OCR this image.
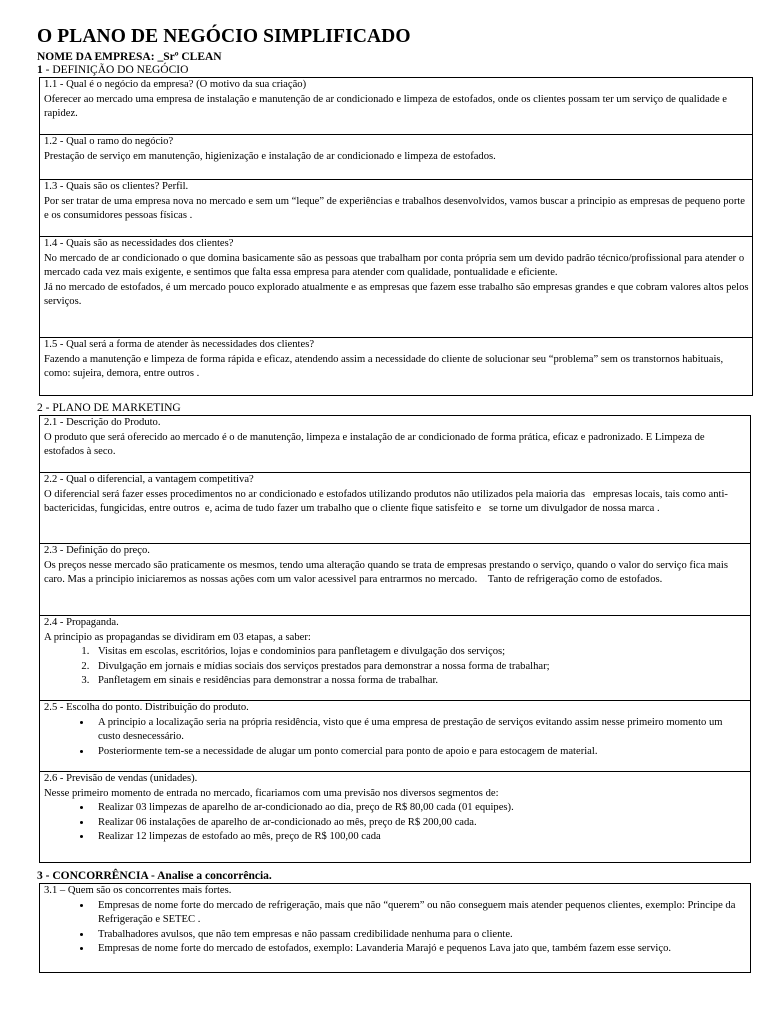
O PLANO DE NEGÓCIO SIMPLIFICADO
NOME DA EMPRESA: _Srº CLEAN
1 - DEFINIÇÃO DO NEGÓCIO

1.1 - Qual é o negócio da empresa? (O motivo da sua criação)

Oferecer ao mercado uma empresa de instalação e manutenção de ar condicionado e limpeza de estofados, onde os clientes possam ter um serviço de qualidade e rapidez.

1.2 - Qual o ramo do negócio?

Prestação de serviço em manutenção, higienização e instalação de ar condicionado e limpeza de estofados.

1.3 - Quais são os clientes? Perfil.

Por ser tratar de uma empresa nova no mercado e sem um “leque” de experiências e trabalhos desenvolvidos, vamos buscar a principio as empresas de pequeno porte e os consumidores pessoas físicas .

1.4 - Quais são as necessidades dos clientes?

No mercado de ar condicionado o que domina basicamente são as pessoas que trabalham por conta própria sem um devido padrão técnico/profissional para atender o mercado cada vez mais exigente, e sentimos que falta essa empresa para atender com qualidade, pontualidade e eficiente.

Já no mercado de estofados, é um mercado pouco explorado atualmente e as empresas que fazem esse trabalho são empresas grandes e que cobram valores altos pelos serviços.

1.5 - Qual será a forma de atender às necessidades dos clientes?

Fazendo a manutenção e limpeza de forma rápida e eficaz, atendendo assim a necessidade do cliente de solucionar seu “problema” sem os transtornos habituais, como: sujeira, demora, entre outros .

2 - PLANO DE MARKETING

2.1 - Descrição do Produto.

O produto que será oferecido ao mercado é o de manutenção, limpeza e instalação de ar condicionado de forma prática, eficaz e padronizado. E Limpeza de estofados à seco.

2.2 - Qual o diferencial, a vantagem competitiva?

O diferencial será fazer esses procedimentos no ar condicionado e estofados utilizando produtos não utilizados pela maioria das   empresas locais, tais como anti-bactericidas, fungicidas, entre outros  e, acima de tudo fazer um trabalho que o cliente fique satisfeito e   se torne um divulgador de nossa marca .

2.3 - Definição do preço.

Os preços nesse mercado são praticamente os mesmos, tendo uma alteração quando se trata de empresas prestando o serviço, quando o valor do serviço fica mais caro. Mas a principio iniciaremos as nossas ações com um valor acessivel para entrarmos no mercado.    Tanto de refrigeração como de estofados.

2.4 - Propaganda.

A principio as propagandas se dividiram em 03 etapas, a saber:

1. Visitas em escolas, escritórios, lojas e condominios para panfletagem e divulgação dos serviços;
2. Divulgação em jornais e mídias sociais dos serviços prestados para demonstrar a nossa forma de trabalhar;
3. Panfletagem em sinais e residências para demonstrar a nossa forma de trabalhar.

2.5 - Escolha do ponto. Distribuição do produto.

• A principio a localização seria na própria residência, visto que é uma empresa de prestação de serviços evitando assim nesse primeiro momento um custo desnecessário.
• Posteriormente tem-se a necessidade de alugar um ponto comercial para ponto de apoio e para estocagem de material.

2.6 - Previsão de vendas (unidades).

Nesse primeiro momento de entrada no mercado, ficariamos com uma previsão nos diversos segmentos de:

• Realizar 03 limpezas de aparelho de ar-condicionado ao dia, preço de R$ 80,00 cada (01 equipes).
• Realizar 06 instalações de aparelho de ar-condicionado ao mês, preço de R$ 200,00 cada.
• Realizar 12 limpezas de estofado ao mês, preço de R$ 100,00 cada
3 - CONCORRÊNCIA - Analise a concorrência.

3.1 – Quem são os concorrentes mais fortes.

• Empresas de nome forte do mercado de refrigeração, mais que não “querem” ou não conseguem mais atender pequenos clientes, exemplo: Principe da Refrigeração e SETEC .
• Trabalhadores avulsos, que não tem empresas e não passam credibilidade nenhuma para o cliente.
• Empresas de nome forte do mercado de estofados, exemplo: Lavanderia Marajó e pequenos Lava jato que, também fazem esse serviço.
